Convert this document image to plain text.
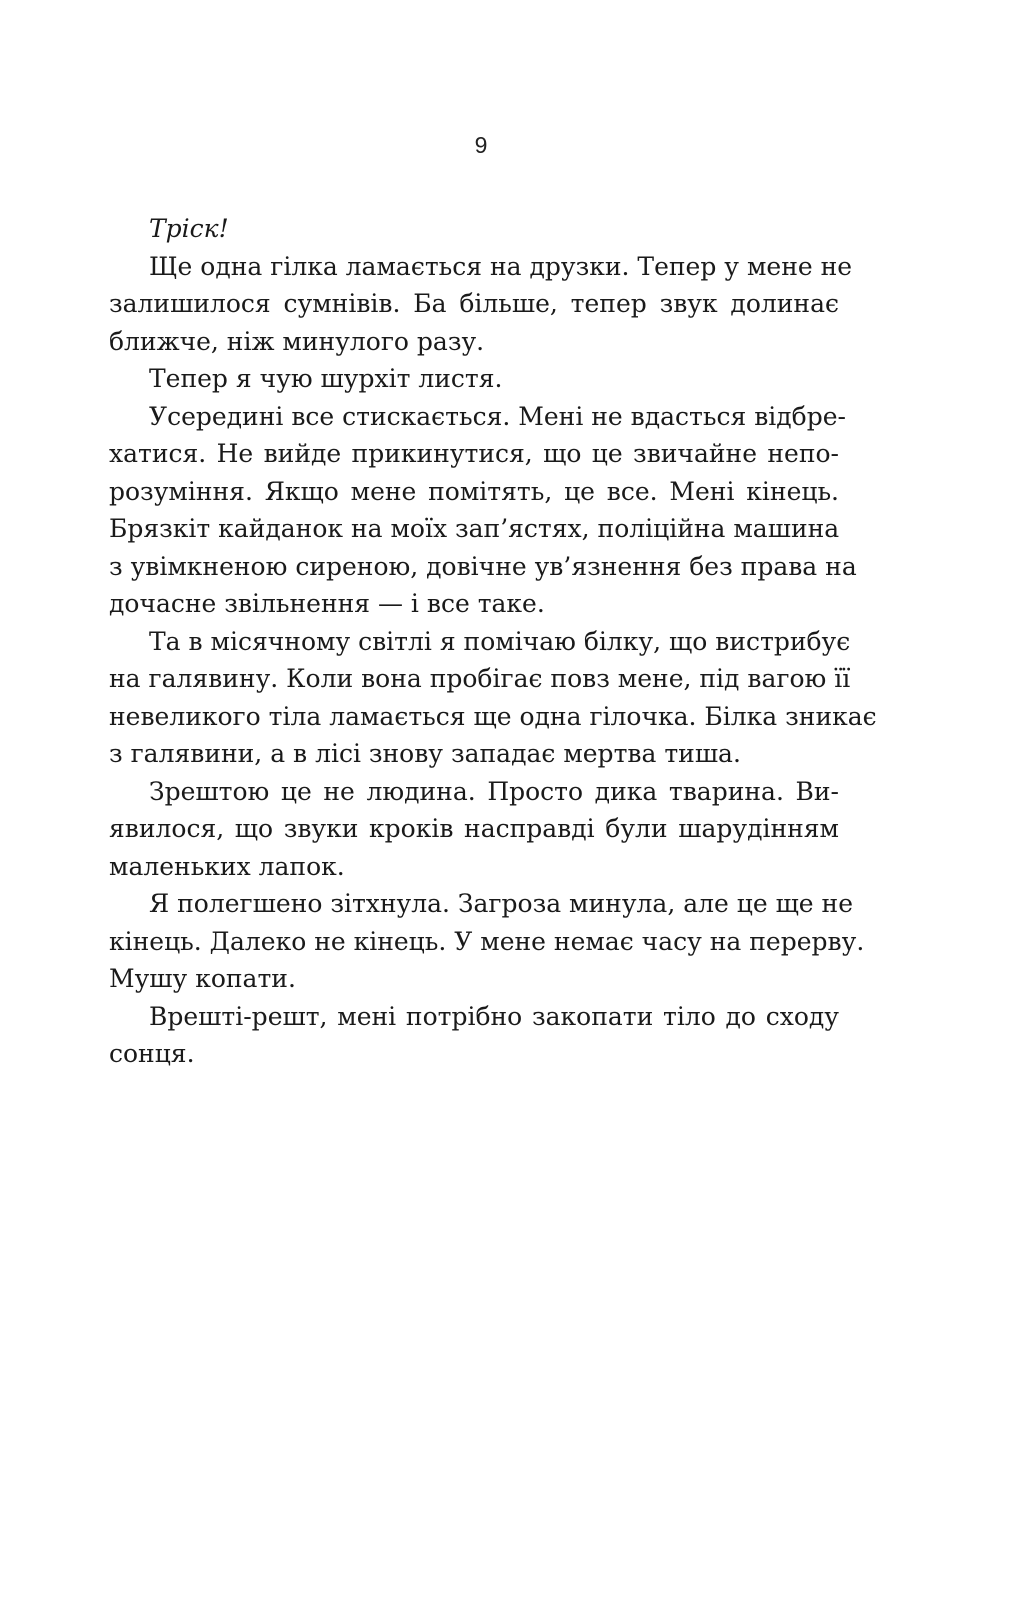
9
Тріск!
Ще одна гілка ламається на друзки. Тепер у мене не
залишилося сумнівів. Ба більше, тепер звук долинає
ближче, ніж минулого разу.
Тепер я чую шурхіт листя.
Усередині все стискається. Мені не вдасться відбре-
хатися. Не вийде прикинутися, що це звичайне непо-
розуміння. Якщо мене помітять, це все. Мені кінець.
Брязкіт кайданок на моїх зап’ястях, поліційна машина
з увімкненою сиреною, довічне ув’язнення без права на
дочасне звільнення — і все таке.
Та в місячному світлі я помічаю білку, що вистрибує
на галявину. Коли вона пробігає повз мене, під вагою її
невеликого тіла ламається ще одна гілочка. Білка зникає
з галявини, а в лісі знову западає мертва тиша.
Зрештою це не людина. Просто дика тварина. Ви-
явилося, що звуки кроків насправді були шарудінням
маленьких лапок.
Я полегшено зітхнула. Загроза минула, але це ще не
кінець. Далеко не кінець. У мене немає часу на перерву.
Мушу копати.
Врешті-решт, мені потрібно закопати тіло до сходу
сонця.
